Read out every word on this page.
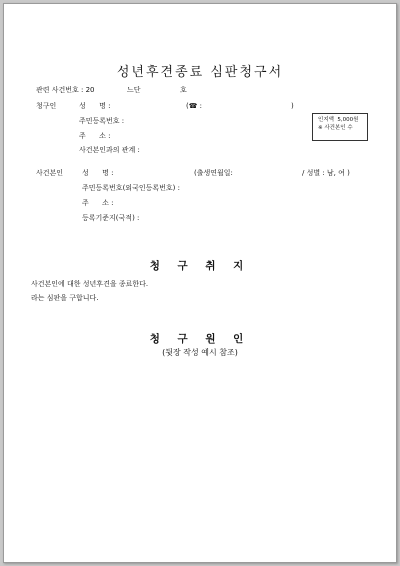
성년후견종료 심판청구서
관련 사건번호 : 20	느단	호
청구인	성      명 :	(☎ :	)
주민등록번호 :
주      소 :
사건본인과의 관계 :
인지액  5,000원
※ 사건본인 수
사건본인	성      명 :	(출생연월일:	/ 성별 : 남, 여 )
주민등록번호(외국인등록번호) :
주      소 :
등록기준지(국적) :
청 구 취 지
사건본인에 대한 성년후견을 종료한다.
라는 심판을 구합니다.
청 구 원 인
(뒷장 작성 예시 참조)
